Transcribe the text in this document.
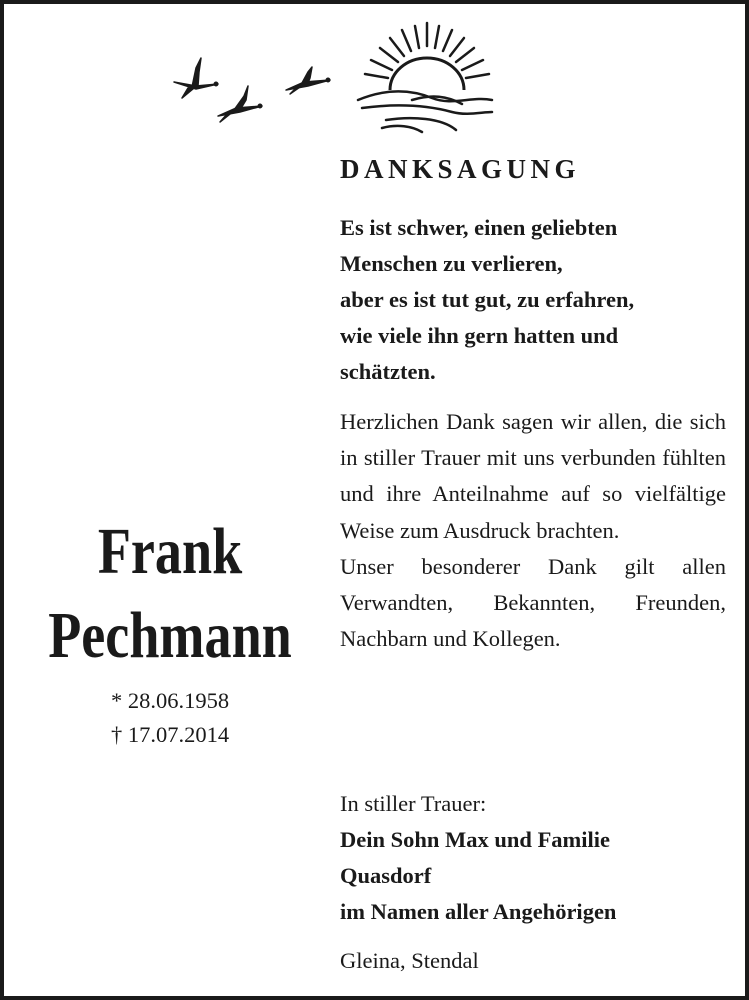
DANKSAGUNG
Es ist schwer, einen geliebten
Menschen zu verlieren,
aber es ist tut gut, zu erfahren,
wie viele ihn gern hatten und
schätzten.

Herzlichen Dank sagen wir allen, die sich in stiller Trauer mit uns verbunden fühlten und ihre Anteilnahme auf so vielfältige Weise zum Ausdruck brachten.

Unser besonderer Dank gilt allen Verwandten, Bekannten, Freunden, Nachbarn und Kollegen.

Frank
Pechmann
* 28.06.1958
† 17.07.2014
In stiller Trauer:
Dein Sohn Max und Familie
Quasdorf
im Namen aller Angehörigen
Gleina, Stendal
